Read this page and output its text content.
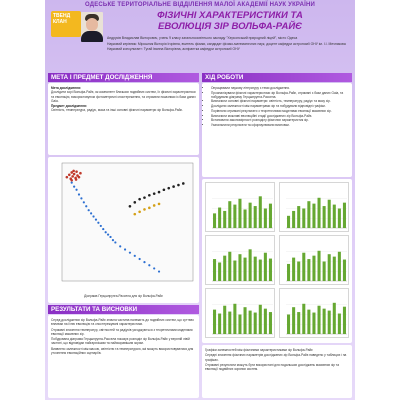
ОДЕСЬКЕ ТЕРИТОРІАЛЬНЕ ВІДДІЛЕННЯ МАЛОЇ АКАДЕМІЇ НАУК УКРАЇНИ
ТВЕНД КЛАН
ФІЗИЧНІ ХАРАКТЕРИСТИКИ ТА
ЕВОЛЮЦІЯ ЗІР ВОЛЬФА-РАЙЄ

Андрусів Владислав Вікторович, учень 9 класу загальноосвітнього закладу "Херсонський природний ліцей", місто Одеса

Науковий керівник: Мірошник Вікторія Ігорівна, вчитель фізики, кандидат фізико-математичних наук, доцент кафедри астрономії ОНУ ім. І.І. Мечникова

Науковий консультант: Тугай Іванна Вікторівна, аспірантка кафедри астрономії ОНУ

МЕТА І ПРЕДМЕТ ДОСЛІДЖЕННЯ

Мета дослідження:

Дослідити зорі Вольфа-Райє, як компонент близьких подвійних систем, їх фізичні характеристики та еволюцію, використовуючи фотометричні спостереження, та отримати показники із бази даних Gaia.

Предмет дослідження:

Світність, температура, радіус, маса та інші основні фізичні параметри зір Вольфа-Райє.

Діаграма Герцшпрунга-Рассела для зір Вольфа-Райє
ХІД РОБОТИ
• Опрацювали наукову літературу з теми дослідження.
• Проаналізували фізичні характеристики зір Вольфа-Райє, отримані з бази даних Gaia, та побудували діаграму Герцшпрунга-Рассела.
• Визначили основні фізичні параметри: світність, температуру, радіус та масу зір.
• Дослідили залежності між параметрами зір та побудували відповідні графіки.
• Порівняли отримані результати з теоретичними моделями еволюції масивних зір.
• Визначили можливі еволюційні стадії досліджених зір Вольфа-Райє.
• Встановили закономірності розподілу фізичних характеристик зір.
• Узагальнили результати та сформулювали висновки.
РЕЗУЛЬТАТИ ТА ВИСНОВКИ

Серед досліджених зір Вольфа-Райє значна частина належить до подвійних систем, що суттєво впливає на їхню еволюцію та спостережувані характеристики.

Отримані значення температур, світностей та радіусів узгоджуються з теоретичними моделями еволюції масивних зір.

Побудована діаграма Герцшпрунга-Рассела показує розподіл зір Вольфа-Райє у верхній лівій частині, що відповідає найгарячішим та найяскравішим зорям.

Виявлено залежності між масою, світністю та температурою, які можуть використовуватися для уточнення еволюційних сценаріїв.

Графіки залежностей між фізичними характеристиками зір Вольфа-Райє

Середні значення фізичних параметрів досліджених зір Вольфа-Райє наведено у таблицях і на графіках.

Отримані результати можуть бути використані для подальших досліджень масивних зір та еволюції подвійних зоряних систем.
